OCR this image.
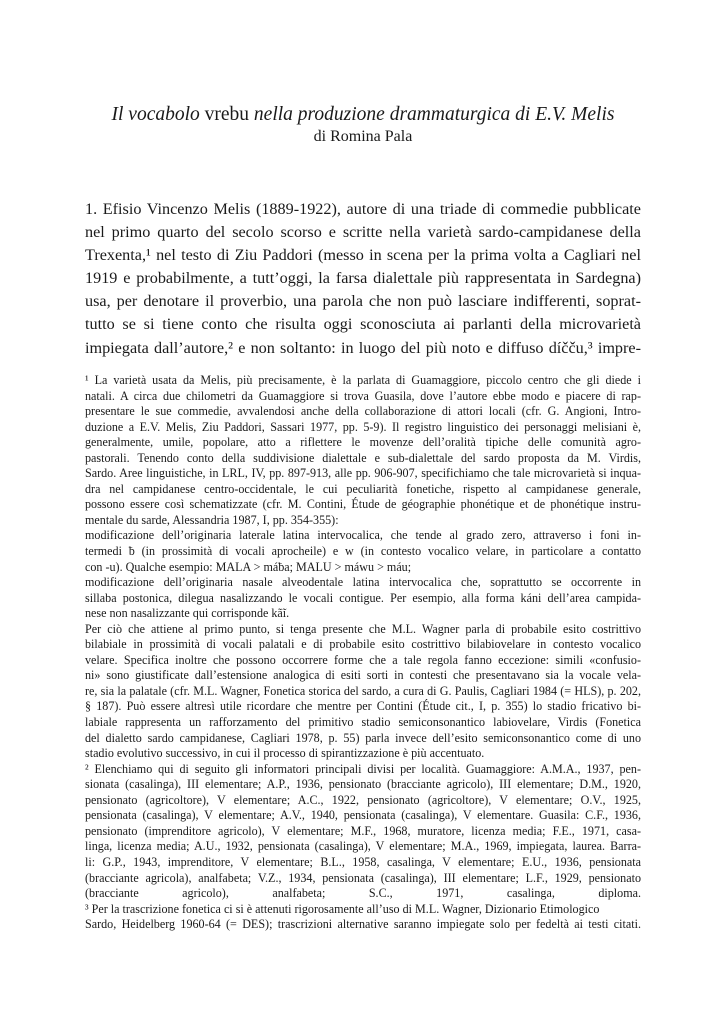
Il vocabolo vrebu nella produzione drammaturgica di E.V. Melis
di Romina Pala
1. Efisio Vincenzo Melis (1889-1922), autore di una triade di commedie pubblicate
nel primo quarto del secolo scorso e scritte nella varietà sardo-campidanese della
Trexenta,¹ nel testo di Ziu Paddori (messo in scena per la prima volta a Cagliari nel
1919 e probabilmente, a tutt’oggi, la farsa dialettale più rappresentata in Sardegna)
usa, per denotare il proverbio, una parola che non può lasciare indifferenti, soprat-
tutto se si tiene conto che risulta oggi sconosciuta ai parlanti della microvarietà
impiegata dall’autore,² e non soltanto: in luogo del più noto e diffuso díčču,³ impre-
¹ La varietà usata da Melis, più precisamente, è la parlata di Guamaggiore, piccolo centro che gli diede i
natali. A circa due chilometri da Guamaggiore si trova Guasila, dove l’autore ebbe modo e piacere di rap-
presentare le sue commedie, avvalendosi anche della collaborazione di attori locali (cfr. G. Angioni, Intro-
duzione a E.V. Melis, Ziu Paddori, Sassari 1977, pp. 5-9). Il registro linguistico dei personaggi melisiani è,
generalmente, umile, popolare, atto a riflettere le movenze dell’oralità tipiche delle comunità agro-
pastorali. Tenendo conto della suddivisione dialettale e sub-dialettale del sardo proposta da M. Virdis,
Sardo. Aree linguistiche, in LRL, IV, pp. 897-913, alle pp. 906-907, specifichiamo che tale microvarietà si inqua-
dra nel campidanese centro-occidentale, le cui peculiarità fonetiche, rispetto al campidanese generale,
possono essere così schematizzate (cfr. M. Contini, Étude de géographie phonétique et de phonétique instru-
mentale du sarde, Alessandria 1987, I, pp. 354-355):
modificazione dell’originaria laterale latina intervocalica, che tende al grado zero, attraverso i foni in-
termedi ƀ (in prossimità di vocali aprocheile) e w (in contesto vocalico velare, in particolare a contatto
con -u). Qualche esempio: MALA > máƀa; MALU > máwu > máu;
modificazione dell’originaria nasale alveodentale latina intervocalica che, soprattutto se occorrente in
sillaba postonica, dilegua nasalizzando le vocali contigue. Per esempio, alla forma káni dell’area campida-
nese non nasalizzante qui corrisponde kãĩ.
Per ciò che attiene al primo punto, si tenga presente che M.L. Wagner parla di probabile esito costrittivo
bilabiale in prossimità di vocali palatali e di probabile esito costrittivo bilabiovelare in contesto vocalico
velare. Specifica inoltre che possono occorrere forme che a tale regola fanno eccezione: simili «confusio-
ni» sono giustificate dall’estensione analogica di esiti sorti in contesti che presentavano sia la vocale vela-
re, sia la palatale (cfr. M.L. Wagner, Fonetica storica del sardo, a cura di G. Paulis, Cagliari 1984 (= HLS), p. 202,
§ 187). Può essere altresì utile ricordare che mentre per Contini (Étude cit., I, p. 355) lo stadio fricativo bi-
labiale rappresenta un rafforzamento del primitivo stadio semiconsonantico labiovelare, Virdis (Fonetica
del dialetto sardo campidanese, Cagliari 1978, p. 55) parla invece dell’esito semiconsonantico come di uno
stadio evolutivo successivo, in cui il processo di spirantizzazione è più accentuato.
² Elenchiamo qui di seguito gli informatori principali divisi per località. Guamaggiore: A.M.A., 1937, pen-
sionata (casalinga), III elementare; A.P., 1936, pensionato (bracciante agricolo), III elementare; D.M., 1920,
pensionato (agricoltore), V elementare; A.C., 1922, pensionato (agricoltore), V elementare; O.V., 1925,
pensionata (casalinga), V elementare; A.V., 1940, pensionata (casalinga), V elementare. Guasila: C.F., 1936,
pensionato (imprenditore agricolo), V elementare; M.F., 1968, muratore, licenza media; F.E., 1971, casa-
linga, licenza media; A.U., 1932, pensionata (casalinga), V elementare; M.A., 1969, impiegata, laurea. Barra-
li: G.P., 1943, imprenditore, V elementare; B.L., 1958, casalinga, V elementare; E.U., 1936, pensionata
(bracciante agricola), analfabeta; V.Z., 1934, pensionata (casalinga), III elementare; L.F., 1929, pensionato
(bracciante agricolo), analfabeta; S.C., 1971, casalinga, diploma.
³ Per la trascrizione fonetica ci si è attenuti rigorosamente all’uso di M.L. Wagner, Dizionario Etimologico
Sardo, Heidelberg 1960-64 (= DES); trascrizioni alternative saranno impiegate solo per fedeltà ai testi citati.
